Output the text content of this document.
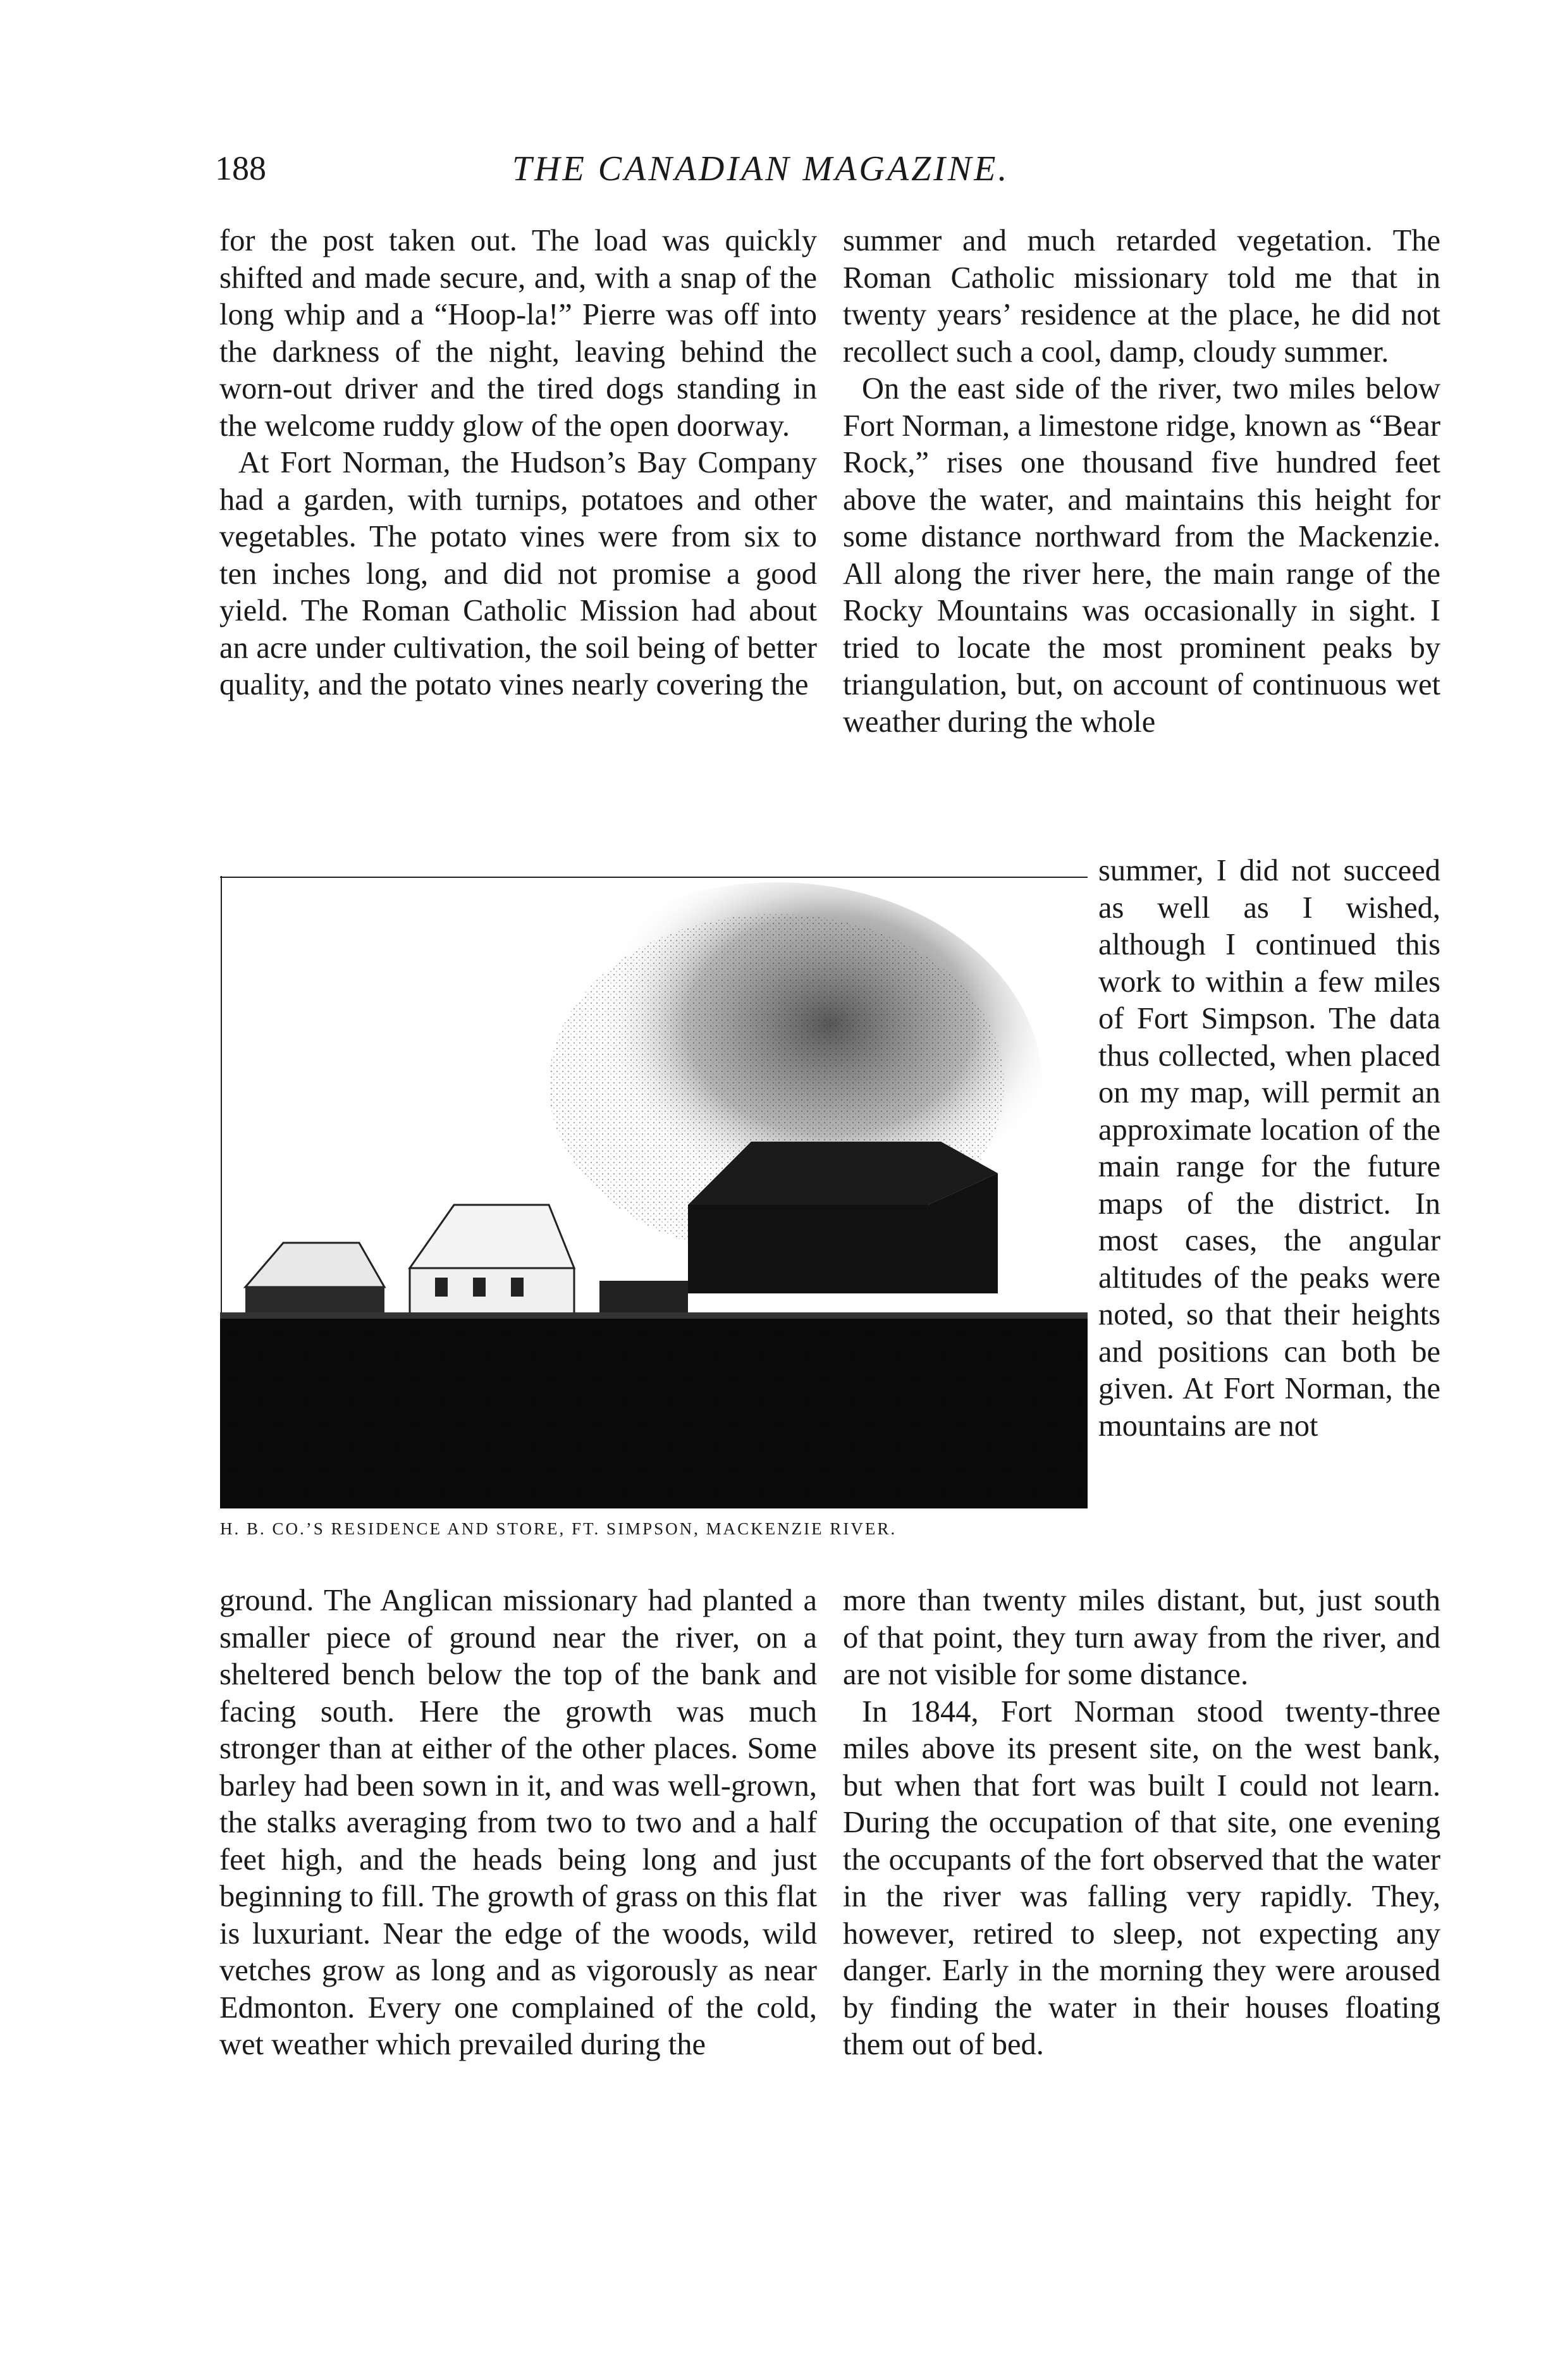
188	THE CANADIAN MAGAZINE.

for the post taken out. The load was quickly shifted and made secure, and, with a snap of the long whip and a “Hoop-la!” Pierre was off into the darkness of the night, leaving behind the worn-out driver and the tired dogs standing in the welcome ruddy glow of the open doorway.

At Fort Norman, the Hudson’s Bay Company had a garden, with turnips, potatoes and other vegetables. The potato vines were from six to ten inches long, and did not promise a good yield. The Roman Catholic Mission had about an acre under cultivation, the soil being of better quality, and the potato vines nearly covering the

summer and much retarded vegetation. The Roman Catholic missionary told me that in twenty years’ residence at the place, he did not recollect such a cool, damp, cloudy summer.

On the east side of the river, two miles below Fort Norman, a limestone ridge, known as “Bear Rock,” rises one thousand five hundred feet above the water, and maintains this height for some distance northward from the Mackenzie. All along the river here, the main range of the Rocky Mountains was occasionally in sight. I tried to locate the most prominent peaks by triangulation, but, on account of continuous wet weather during the whole

summer, I did not succeed as well as I wished, although I continued this work to within a few miles of Fort Simpson. The data thus collected, when placed on my map, will permit an approximate location of the main range for the future maps of the district. In most cases, the angular altitudes of the peaks were noted, so that their heights and positions can both be given. At Fort Norman, the mountains are not

H. B. CO.’S RESIDENCE AND STORE, FT. SIMPSON, MACKENZIE RIVER.

ground. The Anglican missionary had planted a smaller piece of ground near the river, on a sheltered bench below the top of the bank and facing south. Here the growth was much stronger than at either of the other places. Some barley had been sown in it, and was well-grown, the stalks averaging from two to two and a half feet high, and the heads being long and just beginning to fill. The growth of grass on this flat is luxuriant. Near the edge of the woods, wild vetches grow as long and as vigorously as near Edmonton. Every one complained of the cold, wet weather which prevailed during the

more than twenty miles distant, but, just south of that point, they turn away from the river, and are not visible for some distance.

In 1844, Fort Norman stood twenty-three miles above its present site, on the west bank, but when that fort was built I could not learn. During the occupation of that site, one evening the occupants of the fort observed that the water in the river was falling very rapidly. They, however, retired to sleep, not expecting any danger. Early in the morning they were aroused by finding the water in their houses floating them out of bed.
